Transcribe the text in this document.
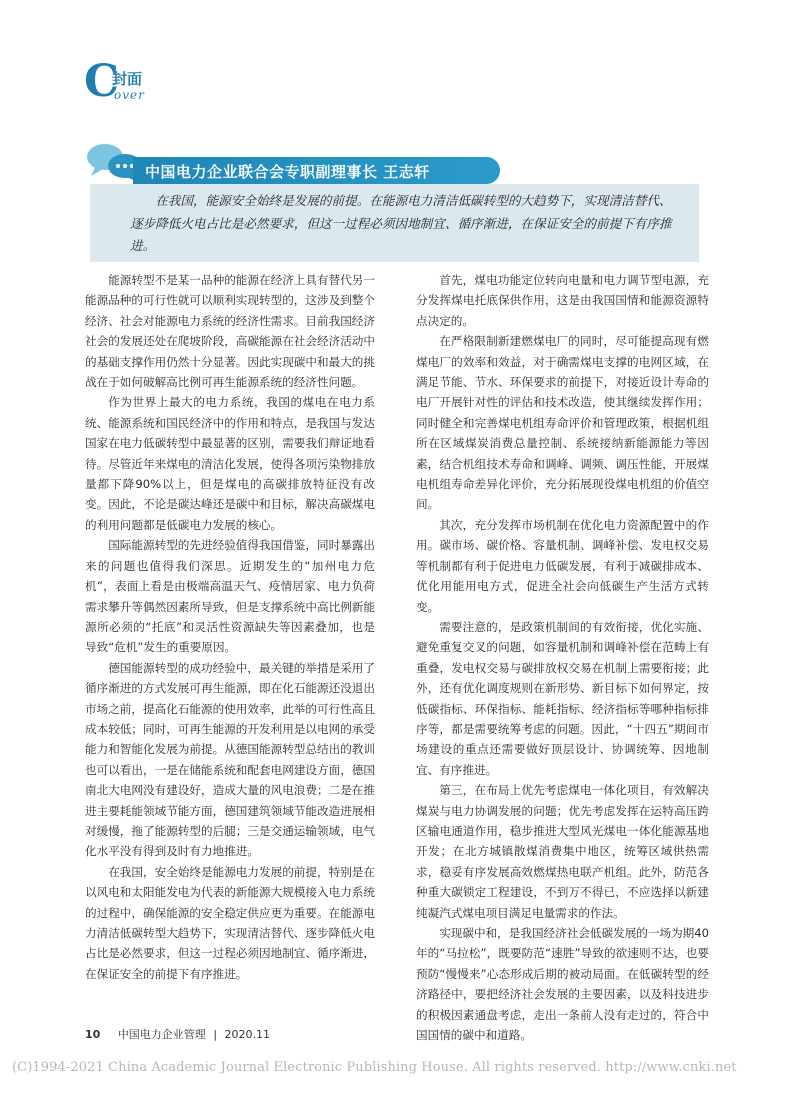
C
封面
over
中国电力企业联合会专职副理事长 王志轩
在我国，能源安全始终是发展的前提。在能源电力清洁低碳转型的大趋势下，实现清洁替代、逐步降低火电占比是必然要求，但这一过程必须因地制宜、循序渐进，在保证安全的前提下有序推进。

能源转型不是某一品种的能源在经济上具有替代另一能源品种的可行性就可以顺利实现转型的，这涉及到整个经济、社会对能源电力系统的经济性需求。目前我国经济社会的发展还处在爬坡阶段，高碳能源在社会经济活动中的基础支撑作用仍然十分显著。因此实现碳中和最大的挑战在于如何破解高比例可再生能源系统的经济性问题。

作为世界上最大的电力系统，我国的煤电在电力系统、能源系统和国民经济中的作用和特点，是我国与发达国家在电力低碳转型中最显著的区别，需要我们辩证地看待。尽管近年来煤电的清洁化发展，使得各项污染物排放量都下降90%以上，但是煤电的高碳排放特征没有改变。因此，不论是碳达峰还是碳中和目标，解决高碳煤电的利用问题都是低碳电力发展的核心。

国际能源转型的先进经验值得我国借鉴，同时暴露出来的问题也值得我们深思。近期发生的“加州电力危机”，表面上看是由极端高温天气、疫情居家、电力负荷需求攀升等偶然因素所导致，但是支撑系统中高比例新能源所必须的“托底”和灵活性资源缺失等因素叠加，也是导致“危机”发生的重要原因。

德国能源转型的成功经验中，最关键的举措是采用了循序渐进的方式发展可再生能源，即在化石能源还没退出市场之前，提高化石能源的使用效率，此举的可行性高且成本较低；同时，可再生能源的开发利用是以电网的承受能力和智能化发展为前提。从德国能源转型总结出的教训也可以看出，一是在储能系统和配套电网建设方面，德国南北大电网没有建设好，造成大量的风电浪费；二是在推进主要耗能领域节能方面，德国建筑领域节能改造进展相对缓慢，拖了能源转型的后腿；三是交通运输领域，电气化水平没有得到及时有力地推进。

在我国，安全始终是能源电力发展的前提，特别是在以风电和太阳能发电为代表的新能源大规模接入电力系统的过程中，确保能源的安全稳定供应更为重要。在能源电力清洁低碳转型大趋势下，实现清洁替代、逐步降低火电占比是必然要求，但这一过程必须因地制宜、循序渐进，在保证安全的前提下有序推进。

首先，煤电功能定位转向电量和电力调节型电源，充分发挥煤电托底保供作用，这是由我国国情和能源资源特点决定的。

在严格限制新建燃煤电厂的同时，尽可能提高现有燃煤电厂的效率和效益，对于确需煤电支撑的电网区域，在满足节能、节水、环保要求的前提下，对接近设计寿命的电厂开展针对性的评估和技术改造，使其继续发挥作用；同时健全和完善煤电机组寿命评价和管理政策，根据机组所在区域煤炭消费总量控制、系统接纳新能源能力等因素，结合机组技术寿命和调峰、调频、调压性能，开展煤电机组寿命差异化评价，充分拓展现役煤电机组的价值空间。

其次，充分发挥市场机制在优化电力资源配置中的作用。碳市场、碳价格、容量机制、调峰补偿、发电权交易等机制都有利于促进电力低碳发展，有利于减碳排成本、优化用能用电方式，促进全社会向低碳生产生活方式转变。

需要注意的，是政策机制间的有效衔接，优化实施、避免重复交叉的问题，如容量机制和调峰补偿在范畴上有重叠，发电权交易与碳排放权交易在机制上需要衔接；此外，还有优化调度规则在新形势、新目标下如何界定，按低碳指标、环保指标、能耗指标、经济指标等哪种指标排序等，都是需要统筹考虑的问题。因此，“十四五”期间市场建设的重点还需要做好顶层设计、协调统筹、因地制宜、有序推进。

第三，在布局上优先考虑煤电一体化项目，有效解决煤炭与电力协调发展的问题；优先考虑发挥在运特高压跨区输电通道作用，稳步推进大型风光煤电一体化能源基地开发；在北方城镇散煤消费集中地区，统筹区域供热需求，稳妥有序发展高效燃煤热电联产机组。此外，防范各种重大碳锁定工程建设，不到万不得已，不应选择以新建纯凝汽式煤电项目满足电量需求的作法。

实现碳中和，是我国经济社会低碳发展的一场为期40年的“马拉松”，既要防范“速胜”导致的欲速则不达，也要预防“慢慢来”心态形成后期的被动局面。在低碳转型的经济路径中，要把经济社会发展的主要因素，以及科技进步的积极因素通盘考虑，走出一条前人没有走过的，符合中国国情的碳中和道路。

10 中国电力企业管理 | 2020.11
(C)1994-2021 China Academic Journal Electronic Publishing House. All rights reserved. http://www.cnki.net
